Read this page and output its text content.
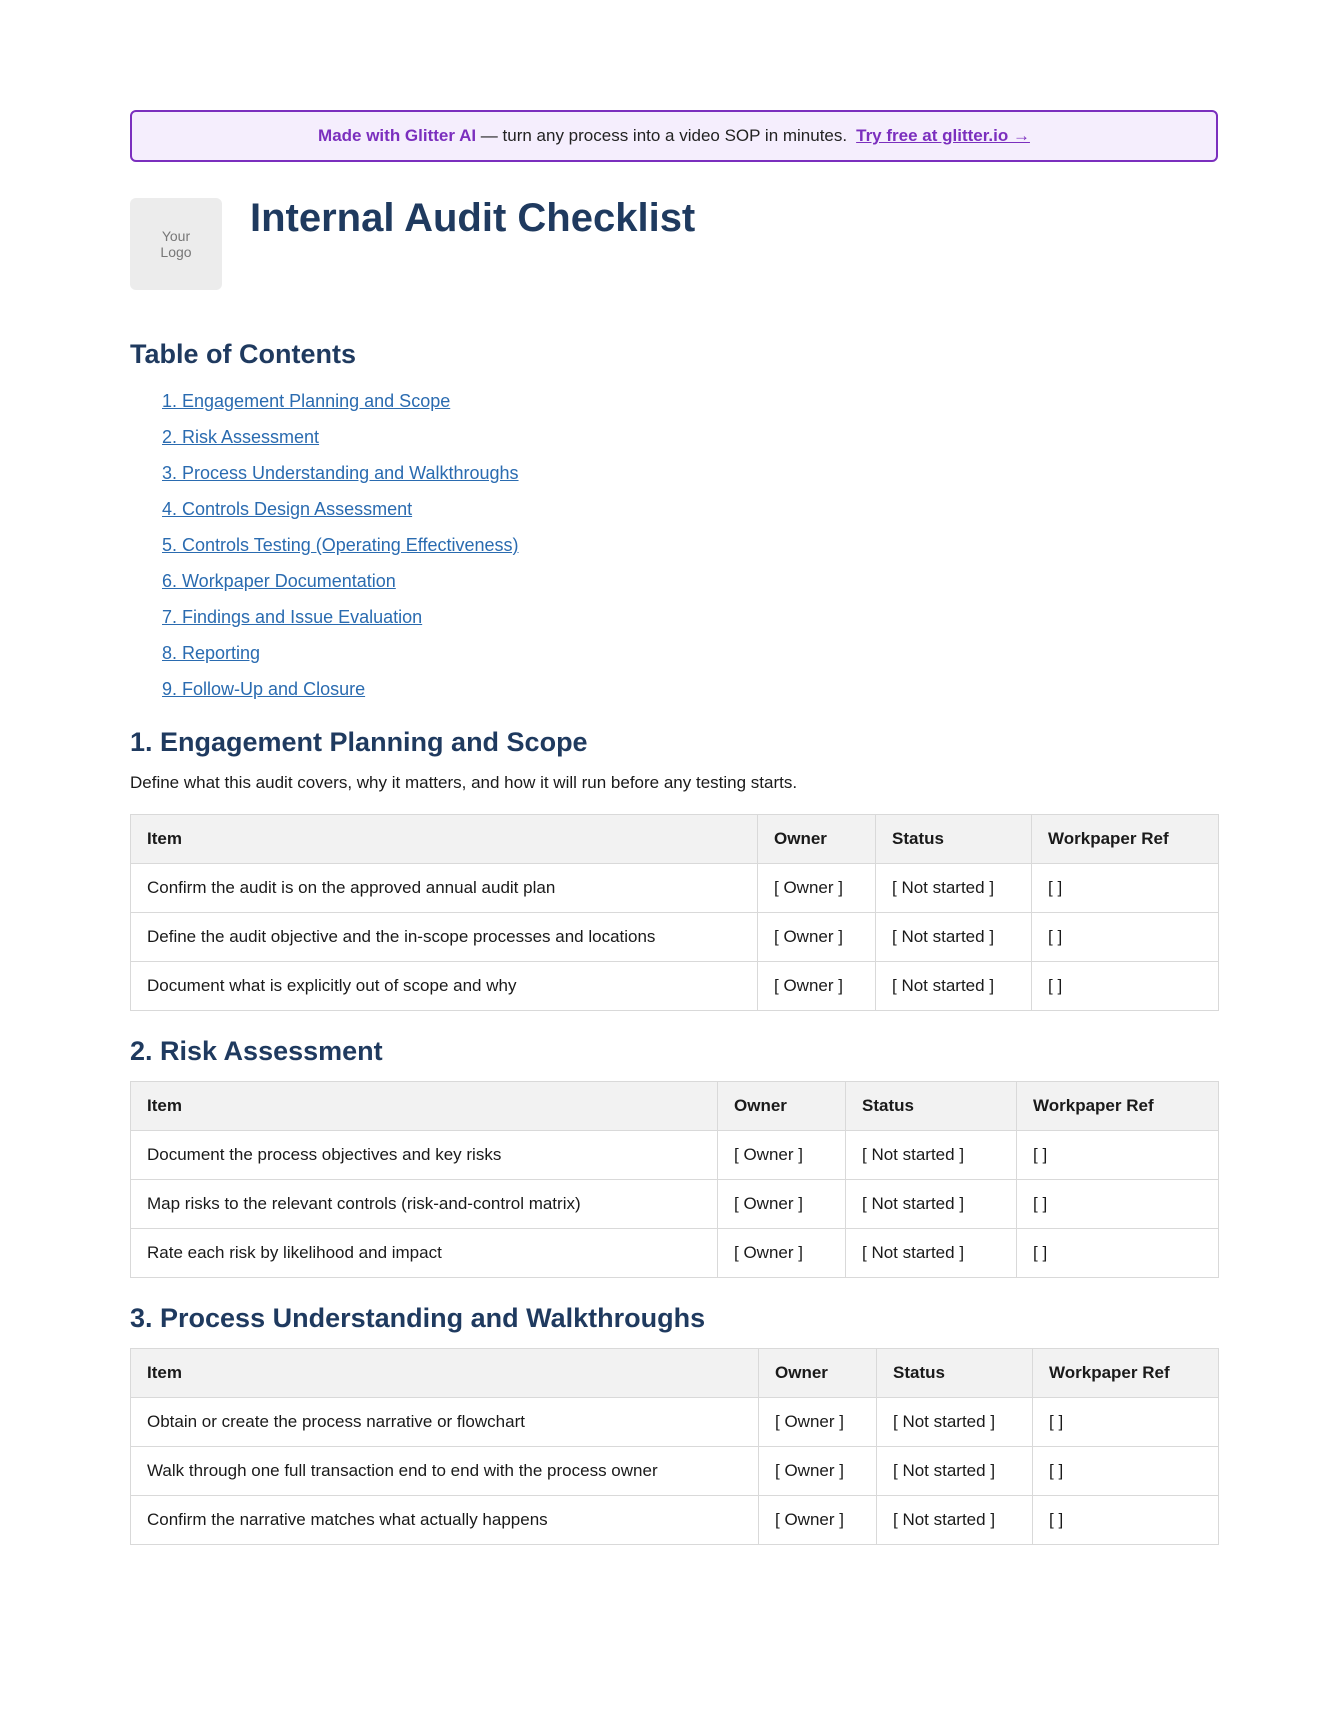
Made with Glitter AI — turn any process into a video SOP in minutes. Try free at glitter.io →
Your
Logo
Internal Audit Checklist
Table of Contents
1. Engagement Planning and Scope
2. Risk Assessment
3. Process Understanding and Walkthroughs
4. Controls Design Assessment
5. Controls Testing (Operating Effectiveness)
6. Workpaper Documentation
7. Findings and Issue Evaluation
8. Reporting
9. Follow-Up and Closure
1. Engagement Planning and Scope

Define what this audit covers, why it matters, and how it will run before any testing starts.

Item	Owner	Status	Workpaper Ref
Confirm the audit is on the approved annual audit plan	[ Owner ]	[ Not started ]	[ ]
Define the audit objective and the in-scope processes and locations	[ Owner ]	[ Not started ]	[ ]
Document what is explicitly out of scope and why	[ Owner ]	[ Not started ]	[ ]
2. Risk Assessment
Item	Owner	Status	Workpaper Ref
Document the process objectives and key risks	[ Owner ]	[ Not started ]	[ ]
Map risks to the relevant controls (risk-and-control matrix)	[ Owner ]	[ Not started ]	[ ]
Rate each risk by likelihood and impact	[ Owner ]	[ Not started ]	[ ]
3. Process Understanding and Walkthroughs
Item	Owner	Status	Workpaper Ref
Obtain or create the process narrative or flowchart	[ Owner ]	[ Not started ]	[ ]
Walk through one full transaction end to end with the process owner	[ Owner ]	[ Not started ]	[ ]
Confirm the narrative matches what actually happens	[ Owner ]	[ Not started ]	[ ]
